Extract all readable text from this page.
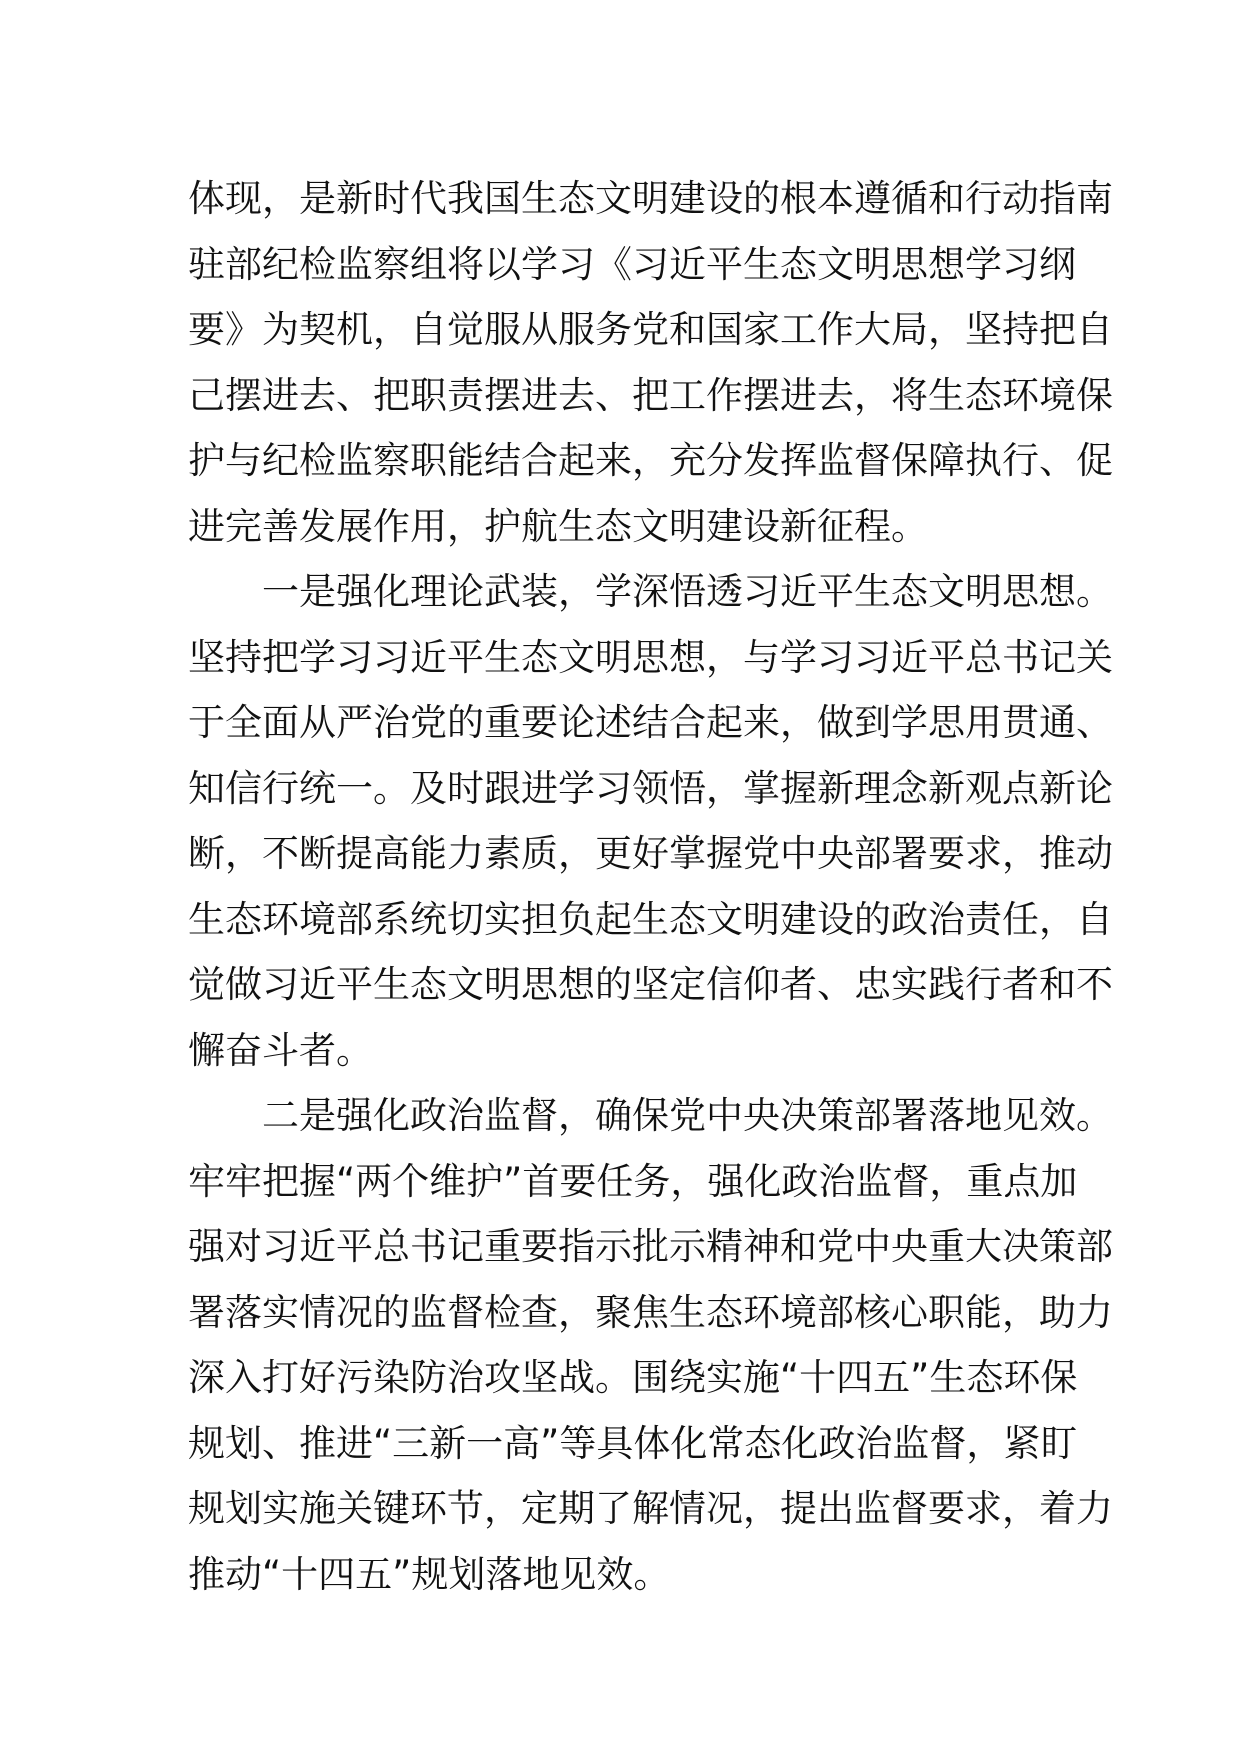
体现，是新时代我国生态文明建设的根本遵循和行动指南
驻部纪检监察组将以学习《习近平生态文明思想学习纲
要》为契机，自觉服从服务党和国家工作大局，坚持把自
己摆进去、把职责摆进去、把工作摆进去，将生态环境保
护与纪检监察职能结合起来，充分发挥监督保障执行、促
进完善发展作用，护航生态文明建设新征程。
一是强化理论武装，学深悟透习近平生态文明思想。
坚持把学习习近平生态文明思想，与学习习近平总书记关
于全面从严治党的重要论述结合起来，做到学思用贯通、
知信行统一。及时跟进学习领悟，掌握新理念新观点新论
断，不断提高能力素质，更好掌握党中央部署要求，推动
生态环境部系统切实担负起生态文明建设的政治责任，自
觉做习近平生态文明思想的坚定信仰者、忠实践行者和不
懈奋斗者。
二是强化政治监督，确保党中央决策部署落地见效。
牢牢把握“两个维护”首要任务，强化政治监督，重点加
强对习近平总书记重要指示批示精神和党中央重大决策部
署落实情况的监督检查，聚焦生态环境部核心职能，助力
深入打好污染防治攻坚战。围绕实施“十四五”生态环保
规划、推进“三新一高”等具体化常态化政治监督，紧盯
规划实施关键环节，定期了解情况，提出监督要求，着力
推动“十四五”规划落地见效。
